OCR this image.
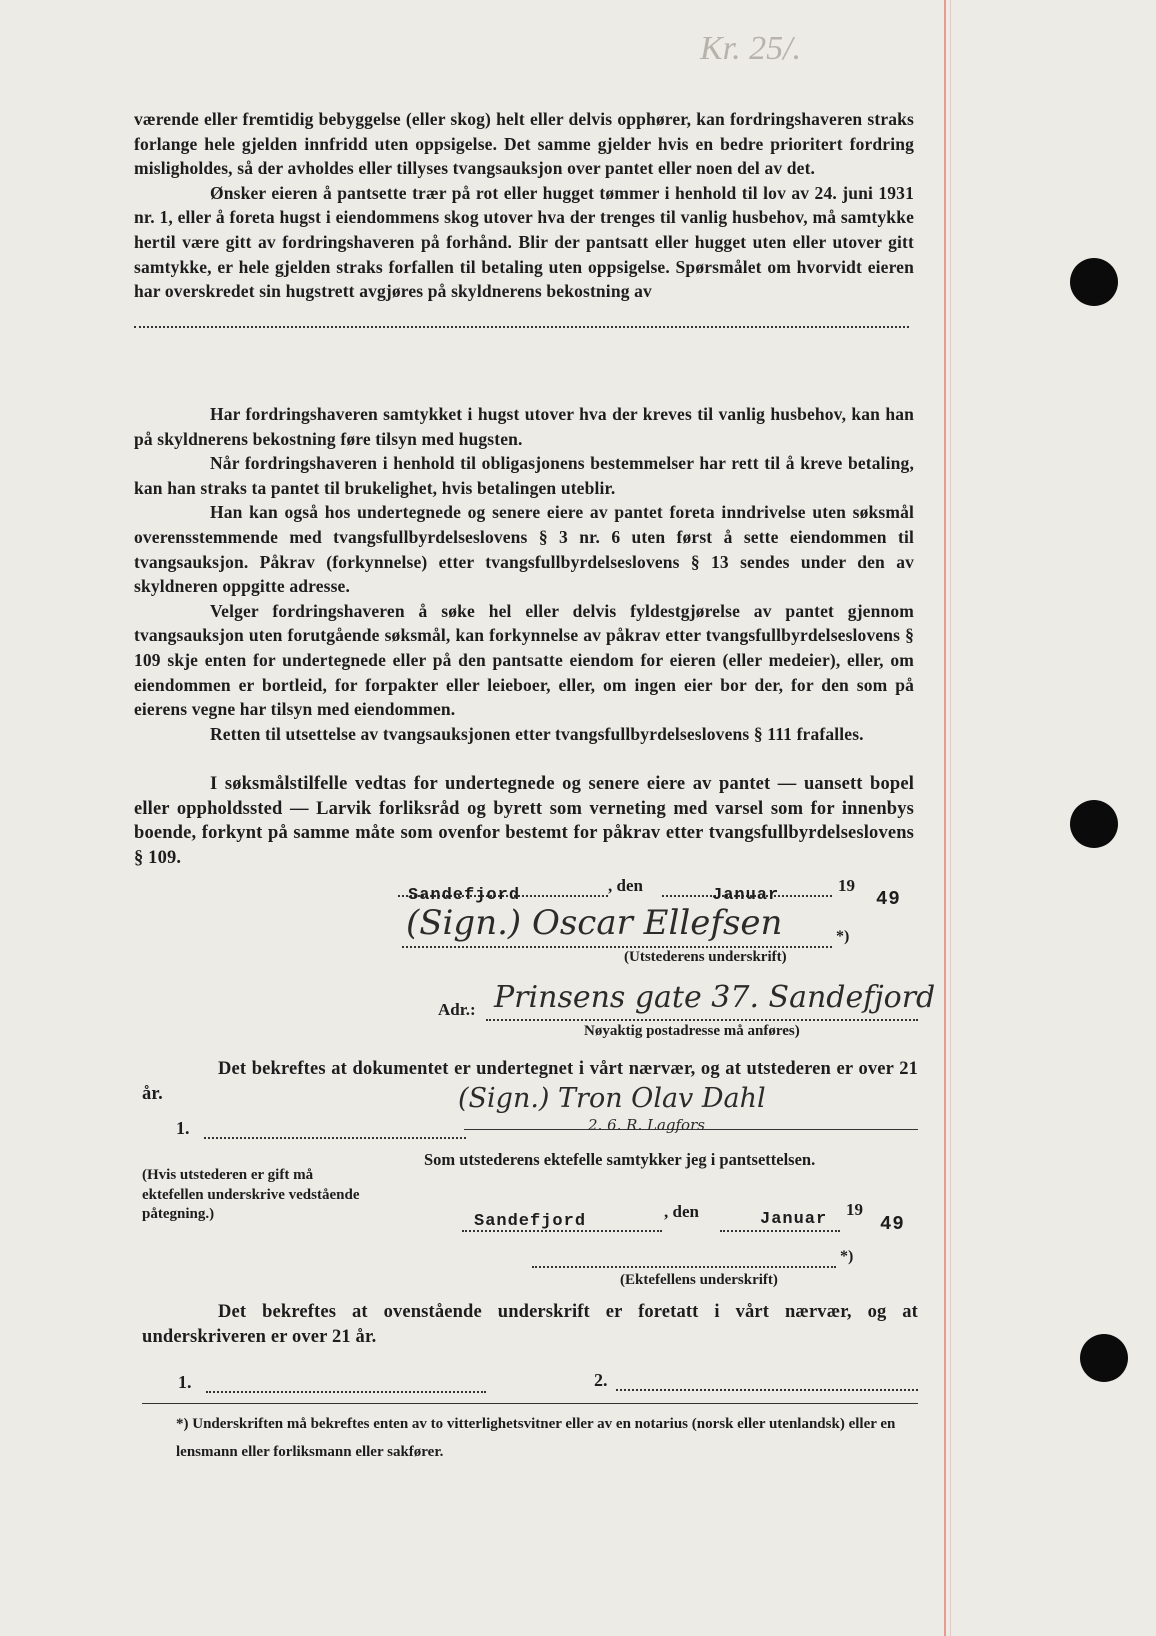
Kr. 25/.

værende eller fremtidig bebyggelse (eller skog) helt eller delvis opphører, kan fordringshaveren straks forlange hele gjelden innfridd uten oppsigelse. Det samme gjelder hvis en bedre prioritert fordring misligholdes, så der avholdes eller tillyses tvangsauksjon over pantet eller noen del av det.

Ønsker eieren å pantsette trær på rot eller hugget tømmer i henhold til lov av 24. juni 1931 nr. 1, eller å foreta hugst i eiendommens skog utover hva der trenges til vanlig husbehov, må samtykke hertil være gitt av fordringshaveren på forhånd. Blir der pantsatt eller hugget uten eller utover gitt samtykke, er hele gjelden straks forfallen til betaling uten oppsigelse. Spørsmålet om hvorvidt eieren har overskredet sin hugstrett avgjøres på skyldnerens bekostning av

Har fordringshaveren samtykket i hugst utover hva der kreves til vanlig husbehov, kan han på skyldnerens bekostning føre tilsyn med hugsten.

Når fordringshaveren i henhold til obligasjonens bestemmelser har rett til å kreve betaling, kan han straks ta pantet til brukelighet, hvis betalingen uteblir.

Han kan også hos undertegnede og senere eiere av pantet foreta inndrivelse uten søksmål overensstemmende med tvangsfullbyrdelseslovens § 3 nr. 6 uten først å sette eiendommen til tvangsauksjon. Påkrav (forkynnelse) etter tvangsfullbyrdelseslovens § 13 sendes under den av skyldneren oppgitte adresse.

Velger fordringshaveren å søke hel eller delvis fyldestgjørelse av pantet gjennom tvangsauksjon uten forutgående søksmål, kan forkynnelse av påkrav etter tvangsfullbyrdelseslovens § 109 skje enten for undertegnede eller på den pantsatte eiendom for eieren (eller medeier), eller, om eiendommen er bortleid, for forpakter eller leieboer, eller, om ingen eier bor der, for den som på eierens vegne har tilsyn med eiendommen.

Retten til utsettelse av tvangsauksjonen etter tvangsfullbyrdelseslovens § 111 frafalles.

I søksmålstilfelle vedtas for undertegnede og senere eiere av pantet — uansett bopel eller oppholdssted — Larvik forliksråd og byrett som verneting med varsel som for innenbys boende, forkynt på samme måte som ovenfor bestemt for påkrav etter tvangsfullbyrdelseslovens § 109.

Sandefjord
, den
Januar
19
49
(Sign.) Oscar Ellefsen	*)
(Utstederens underskrift)
Adr.: Prinsens gate 37. Sandefjord
Nøyaktig postadresse må anføres)

Det bekreftes at dokumentet er undertegnet i vårt nærvær, og at utstederen er over 21 år.	(Sign.) Tron Olav Dahl
1.	2. 6. R. Lagfors
(Hvis utstederen er gift må ektefellen underskrive vedstående påtegning.)
Som utstederens ektefelle samtykker jeg i pantsettelsen.
Sandefjord
, den	Januar
19
49
*)
(Ektefellens underskrift)

Det bekreftes at ovenstående underskrift er foretatt i vårt nærvær, og at underskriveren er over 21 år.

1.	2.
*) Underskriften må bekreftes enten av to vitterlighetsvitner eller av en notarius (norsk eller utenlandsk) eller en lensmann eller forliksmann eller sakfører.
